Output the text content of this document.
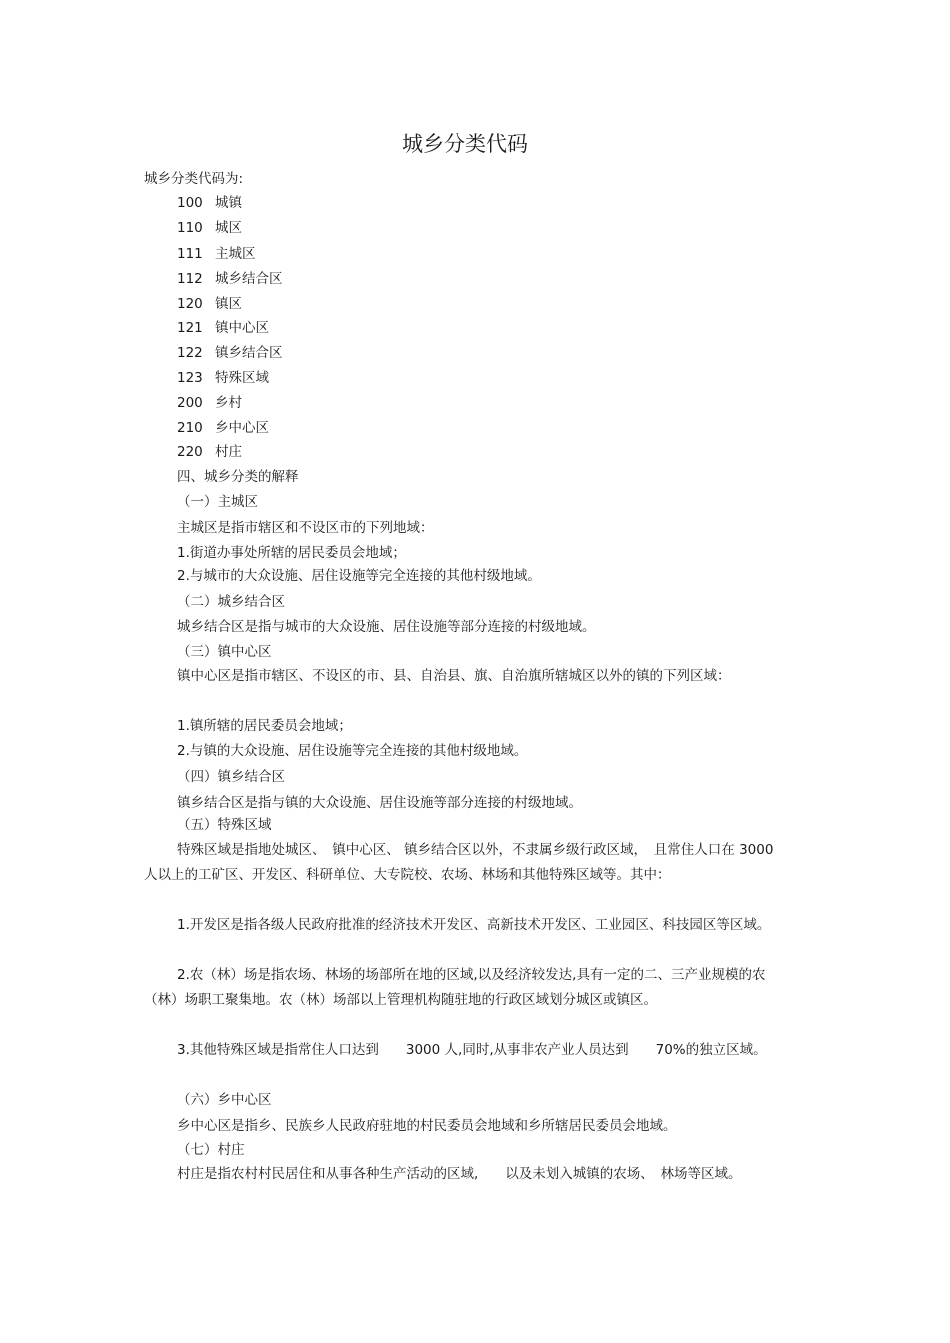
城乡分类代码
城乡分类代码为:
100 城镇
110 城区
111 主城区
112 城乡结合区
120 镇区
121 镇中心区
122 镇乡结合区
123 特殊区域
200 乡村
210 乡中心区
220 村庄
四、城乡分类的解释
（一）主城区
主城区是指市辖区和不设区市的下列地域：
1.街道办事处所辖的居民委员会地域；
2.与城市的大众设施、居住设施等完全连接的其他村级地域。
（二）城乡结合区
城乡结合区是指与城市的大众设施、居住设施等部分连接的村级地域。
（三）镇中心区

镇中心区是指市辖区、不设区的市、县、自治县、旗、自治旗所辖城区以外的镇的下列区域：

1.镇所辖的居民委员会地域；
2.与镇的大众设施、居住设施等完全连接的其他村级地域。
（四）镇乡结合区
镇乡结合区是指与镇的大众设施、居住设施等部分连接的村级地域。
（五）特殊区域

特殊区域是指地处城区、　镇中心区、 镇乡结合区以外，不隶属乡级行政区域，　且常住人口在 3000 人以上的工矿区、开发区、科研单位、大专院校、农场、林场和其他特殊区域等。其中：

1.开发区是指各级人民政府批准的经济技术开发区、高新技术开发区、工业园区、科技园区等区域。

2.农（林）场是指农场、林场的场部所在地的区域,以及经济较发达,具有一定的二、三产业规模的农（林）场职工聚集地。农（林）场部以上管理机构随驻地的行政区域划分城区或镇区。

3.其他特殊区域是指常住人口达到　　3000 人,同时,从事非农产业人员达到　　70%的独立区域。

（六）乡中心区
乡中心区是指乡、民族乡人民政府驻地的村民委员会地域和乡所辖居民委员会地域。
（七）村庄

村庄是指农村村民居住和从事各种生产活动的区域,　　以及未划入城镇的农场、　林场等区域。
